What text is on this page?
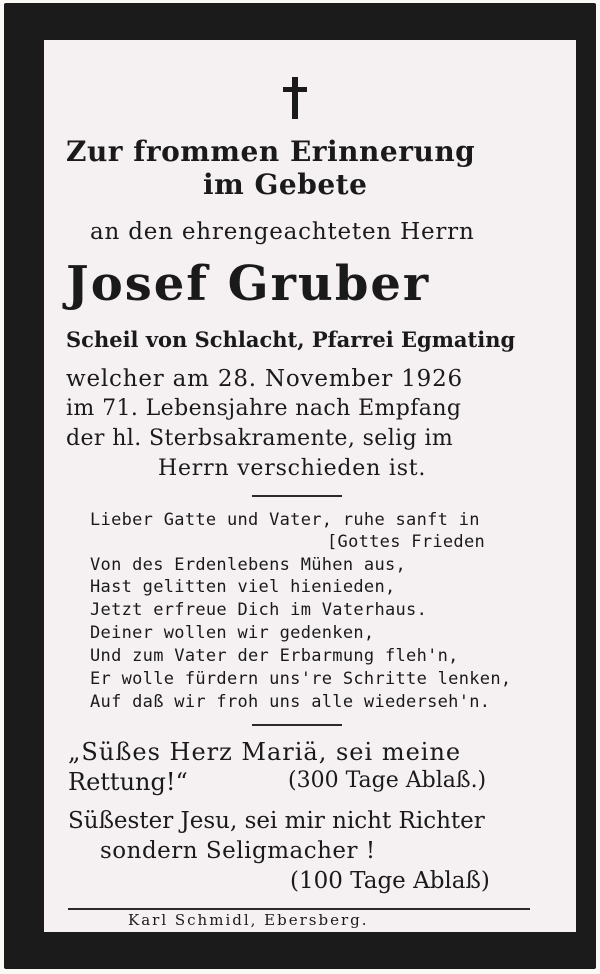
Zur frommen Erinnerung
im Gebete
an den ehrengeachteten Herrn
Josef Gruber
Scheil von Schlacht, Pfarrei Egmating
welcher am 28. November 1926
im 71. Lebensjahre nach Empfang
der hl. Sterbsakramente, selig im
Herrn verschieden ist.
Lieber Gatte und Vater, ruhe sanft in
[Gottes Frieden
Von des Erdenlebens Mühen aus,
Hast gelitten viel hienieden,
Jetzt erfreue Dich im Vaterhaus.
Deiner wollen wir gedenken,
Und zum Vater der Erbarmung fleh'n,
Er wolle fürdern uns're Schritte lenken,
Auf daß wir froh uns alle wiederseh'n.
„Süßes Herz Mariä, sei meine
Rettung!“	(300 Tage Ablaß.)
Süßester Jesu, sei mir nicht Richter
sondern Seligmacher !
(100 Tage Ablaß)
Karl Schmidl, Ebersberg.
